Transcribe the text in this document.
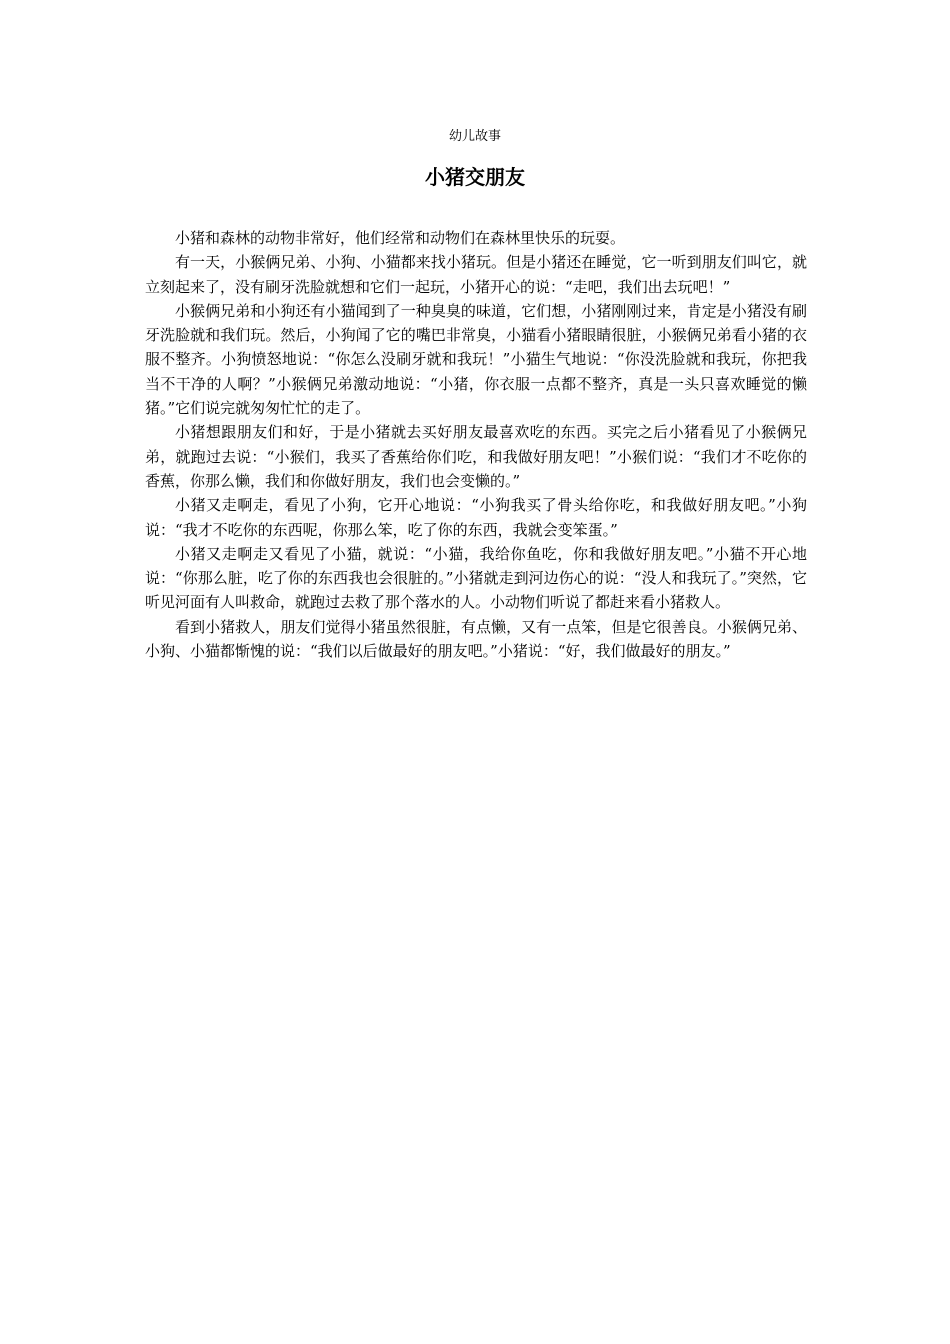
幼儿故事
小猪交朋友

小猪和森林的动物非常好，他们经常和动物们在森林里快乐的玩耍。

有一天，小猴俩兄弟、小狗、小猫都来找小猪玩。但是小猪还在睡觉，它一听到朋友们叫它，就立刻起来了，没有刷牙洗脸就想和它们一起玩，小猪开心的说：“走吧，我们出去玩吧！”

小猴俩兄弟和小狗还有小猫闻到了一种臭臭的味道，它们想，小猪刚刚过来，肯定是小猪没有刷牙洗脸就和我们玩。然后，小狗闻了它的嘴巴非常臭，小猫看小猪眼睛很脏，小猴俩兄弟看小猪的衣服不整齐。小狗愤怒地说：“你怎么没刷牙就和我玩！”小猫生气地说：“你没洗脸就和我玩，你把我当不干净的人啊？”小猴俩兄弟激动地说：“小猪，你衣服一点都不整齐，真是一头只喜欢睡觉的懒猪。”它们说完就匆匆忙忙的走了。

小猪想跟朋友们和好，于是小猪就去买好朋友最喜欢吃的东西。买完之后小猪看见了小猴俩兄弟，就跑过去说：“小猴们，我买了香蕉给你们吃，和我做好朋友吧！”小猴们说：“我们才不吃你的香蕉，你那么懒，我们和你做好朋友，我们也会变懒的。”

小猪又走啊走，看见了小狗，它开心地说：“小狗我买了骨头给你吃，和我做好朋友吧。”小狗说：“我才不吃你的东西呢，你那么笨，吃了你的东西，我就会变笨蛋。”

小猪又走啊走又看见了小猫，就说：“小猫，我给你鱼吃，你和我做好朋友吧。”小猫不开心地说：“你那么脏，吃了你的东西我也会很脏的。”小猪就走到河边伤心的说：“没人和我玩了。”突然，它听见河面有人叫救命，就跑过去救了那个落水的人。小动物们听说了都赶来看小猪救人。

看到小猪救人，朋友们觉得小猪虽然很脏，有点懒，又有一点笨，但是它很善良。小猴俩兄弟、小狗、小猫都惭愧的说：“我们以后做最好的朋友吧。”小猪说：“好，我们做最好的朋友。”
